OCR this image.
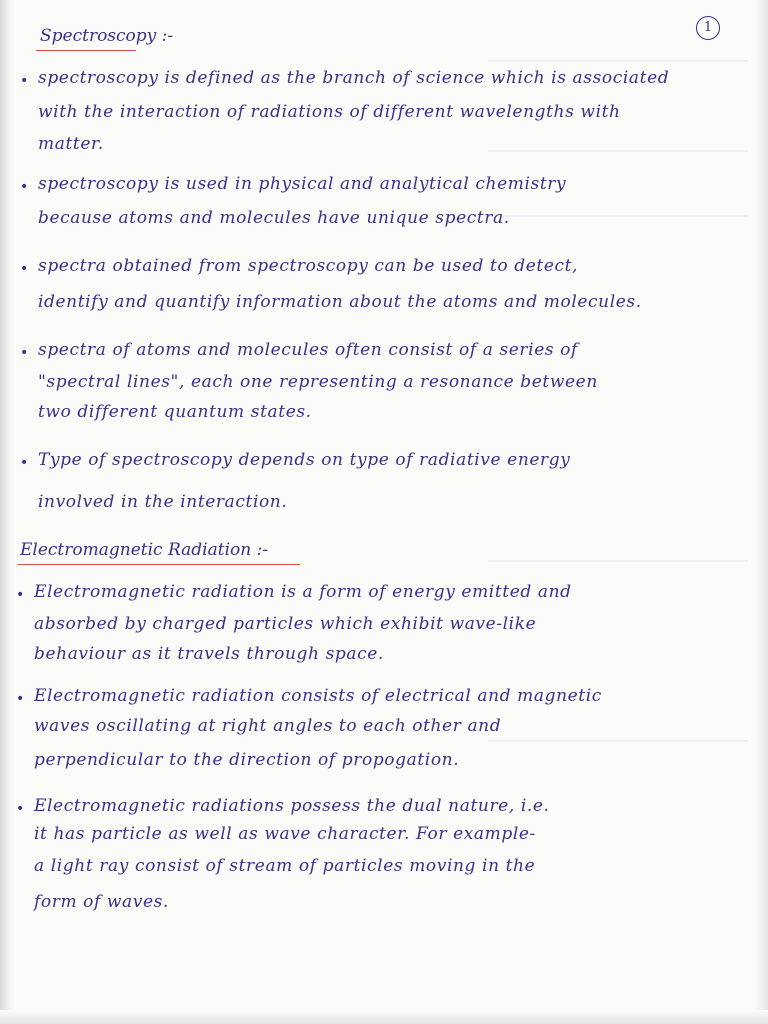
1
Spectroscopy :-
• spectroscopy is defined as the branch of science which is associated
with the interaction of radiations of different wavelengths with
matter.
• spectroscopy is used in physical and analytical chemistry
because atoms and molecules have unique spectra.
• spectra obtained from spectroscopy can be used to detect,
identify and quantify information about the atoms and molecules.
• spectra of atoms and molecules often consist of a series of
"spectral lines", each one representing a resonance between
two different quantum states.
• Type of spectroscopy depends on type of radiative energy
involved in the interaction.
Electromagnetic Radiation :-
• Electromagnetic radiation is a form of energy emitted and
absorbed by charged particles which exhibit wave-like
behaviour as it travels through space.
• Electromagnetic radiation consists of electrical and magnetic
waves oscillating at right angles to each other and
perpendicular to the direction of propogation.
• Electromagnetic radiations possess the dual nature, i.e.
it has particle as well as wave character. For example-
a light ray consist of stream of particles moving in the
form of waves.
